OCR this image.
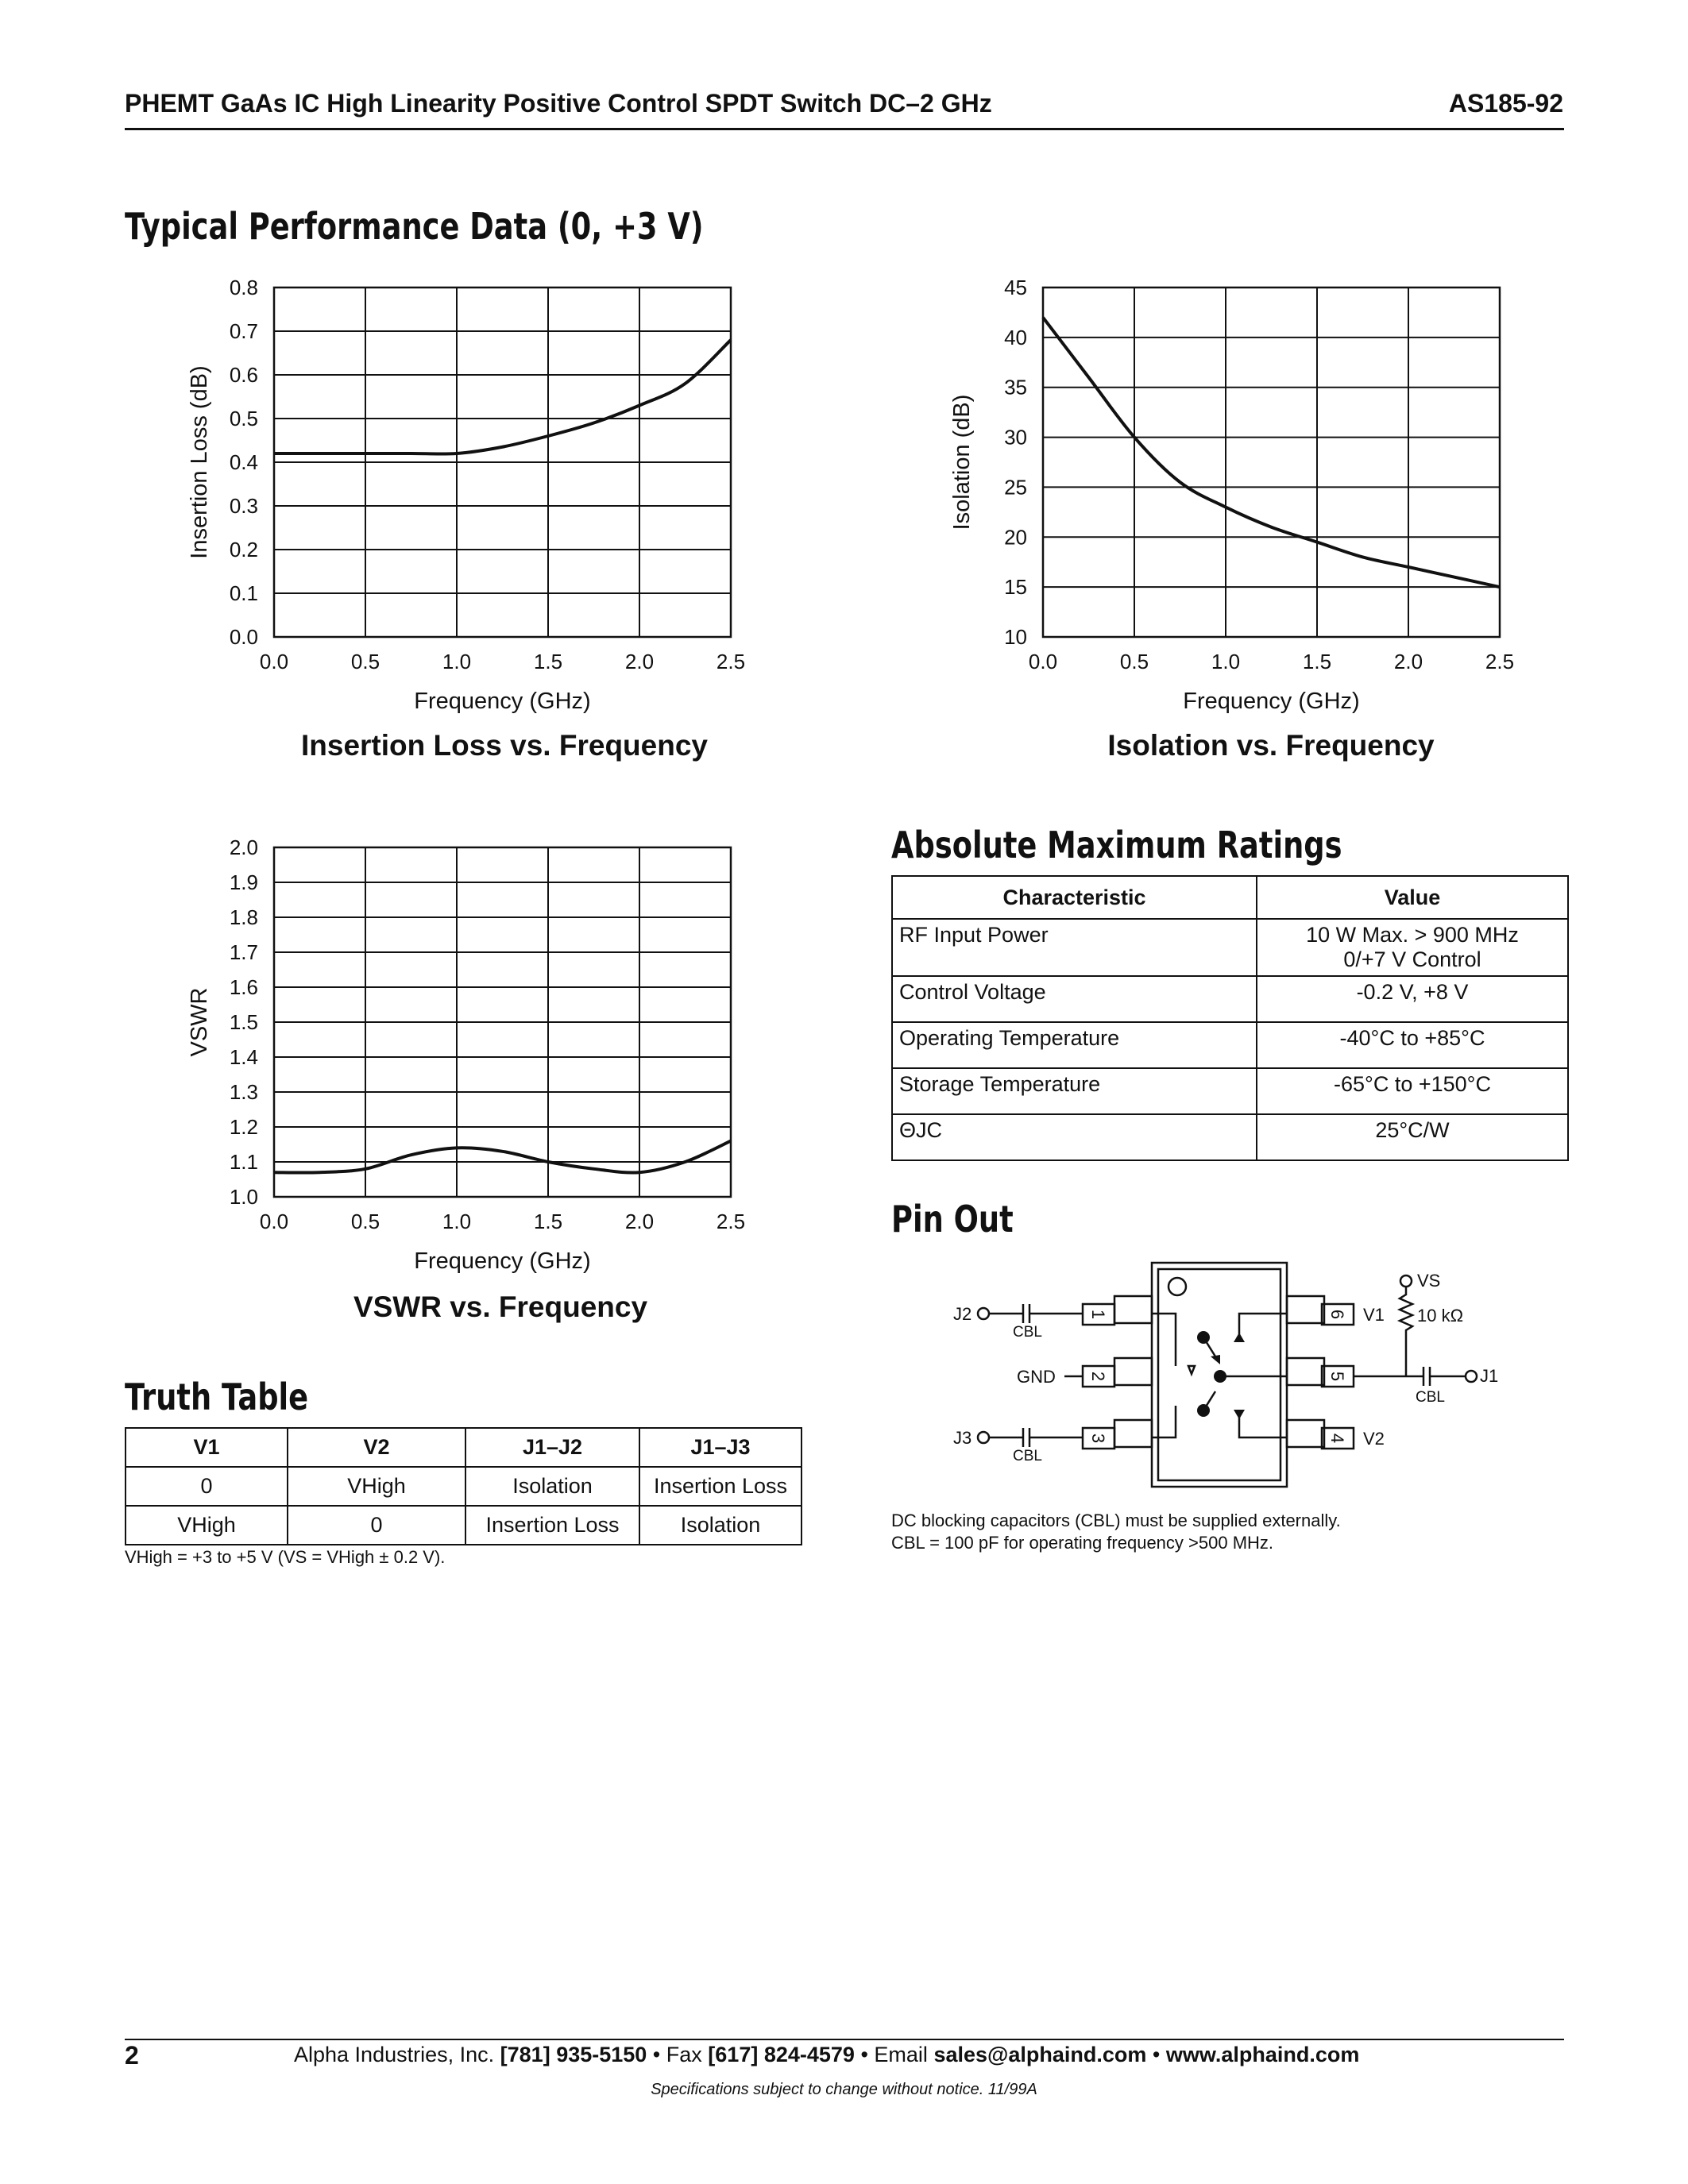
PHEMT GaAs IC High Linearity Positive Control SPDT Switch DC–2 GHz	AS185-92
Typical Performance Data (0, +3 V)
0.8
0.7
0.6
0.5
0.4
0.3
0.2
0.1
0.0
0.0	0.5	1.0	1.5	2.0	2.5
Frequency (GHz)
Insertion Loss (dB)
Insertion Loss vs. Frequency
45
40
35
30
25
20
15
10
0.0	0.5	1.0	1.5	2.0	2.5
Frequency (GHz)
Isolation (dB)
Isolation vs. Frequency
2.0
1.9
1.8
1.7
1.6
1.5
1.4
1.3
1.2
1.1
1.0
0.0	0.5	1.0	1.5	2.0	2.5
Frequency (GHz)
VSWR
VSWR vs. Frequency
Absolute Maximum Ratings
Characteristic	Value
RF Input Power	10 W Max. > 900 MHz
0/+7 V Control
Control Voltage	-0.2 V, +8 V
Operating Temperature	-40°C to +85°C
Storage Temperature	-65°C to +150°C
ΘJC	25°C/W
Pin Out
1
2
3	4
5
6
J2
J3
CBL
CBL
GND
V1
V2
VS
10 kΩ
J1
CBL
DC blocking capacitors (CBL) must be supplied externally.
CBL = 100 pF for operating frequency >500 MHz.
Truth Table
V1	V2	J1–J2	J1–J3
0	VHigh	Isolation	Insertion Loss
VHigh	0	Insertion Loss	Isolation
VHigh = +3 to +5 V (VS = VHigh ± 0.2 V).
2	Alpha Industries, Inc. [781] 935-5150 • Fax [617] 824-4579 • Email sales@alphaind.com • www.alphaind.com
Specifications subject to change without notice. 11/99A
